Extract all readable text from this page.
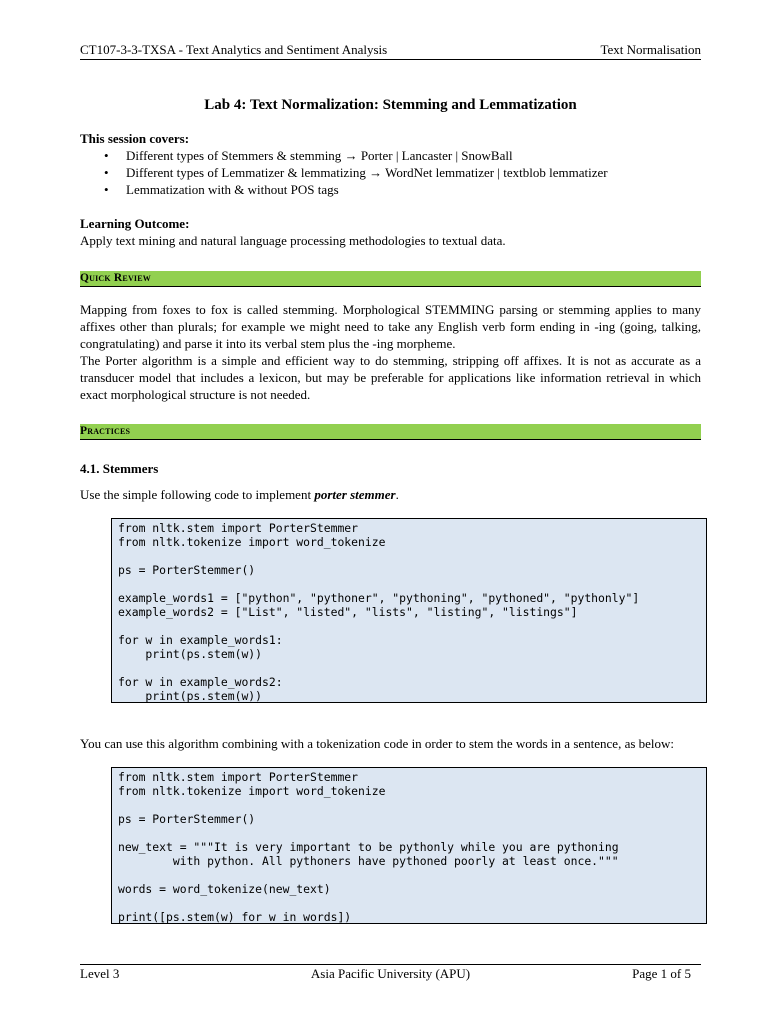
CT107-3-3-TXSA - Text Analytics and Sentiment Analysis	Text Normalisation
Lab 4: Text Normalization: Stemming and Lemmatization
This session covers:
• Different types of Stemmers & stemming → Porter | Lancaster | SnowBall
• Different types of Lemmatizer & lemmatizing → WordNet lemmatizer | textblob lemmatizer
• Lemmatization with & without POS tags
Learning Outcome:
Apply text mining and natural language processing methodologies to textual data.
Quick Review
Mapping from foxes to fox is called stemming. Morphological STEMMING parsing or stemming applies to many affixes other than plurals; for example we might need to take any English verb form ending in -ing (going, talking, congratulating) and parse it into its verbal stem plus the -ing morpheme.
The Porter algorithm is a simple and efficient way to do stemming, stripping off affixes. It is not as accurate as a transducer model that includes a lexicon, but may be preferable for applications like information retrieval in which exact morphological structure is not needed.
Practices
4.1. Stemmers
Use the simple following code to implement porter stemmer.
from nltk.stem import PorterStemmer
from nltk.tokenize import word_tokenize
ps = PorterStemmer()
example_words1 = ["python", "pythoner", "pythoning", "pythoned", "pythonly"]
example_words2 = ["List", "listed", "lists", "listing", "listings"]
for w in example_words1:
print(ps.stem(w))
for w in example_words2:
print(ps.stem(w))
You can use this algorithm combining with a tokenization code in order to stem the words in a sentence, as below:
from nltk.stem import PorterStemmer
from nltk.tokenize import word_tokenize
ps = PorterStemmer()
new_text = """It is very important to be pythonly while you are pythoning
with python. All pythoners have pythoned poorly at least once."""
words = word_tokenize(new_text)
print([ps.stem(w) for w in words])
Level 3	Asia Pacific University (APU)	Page 1 of 5
